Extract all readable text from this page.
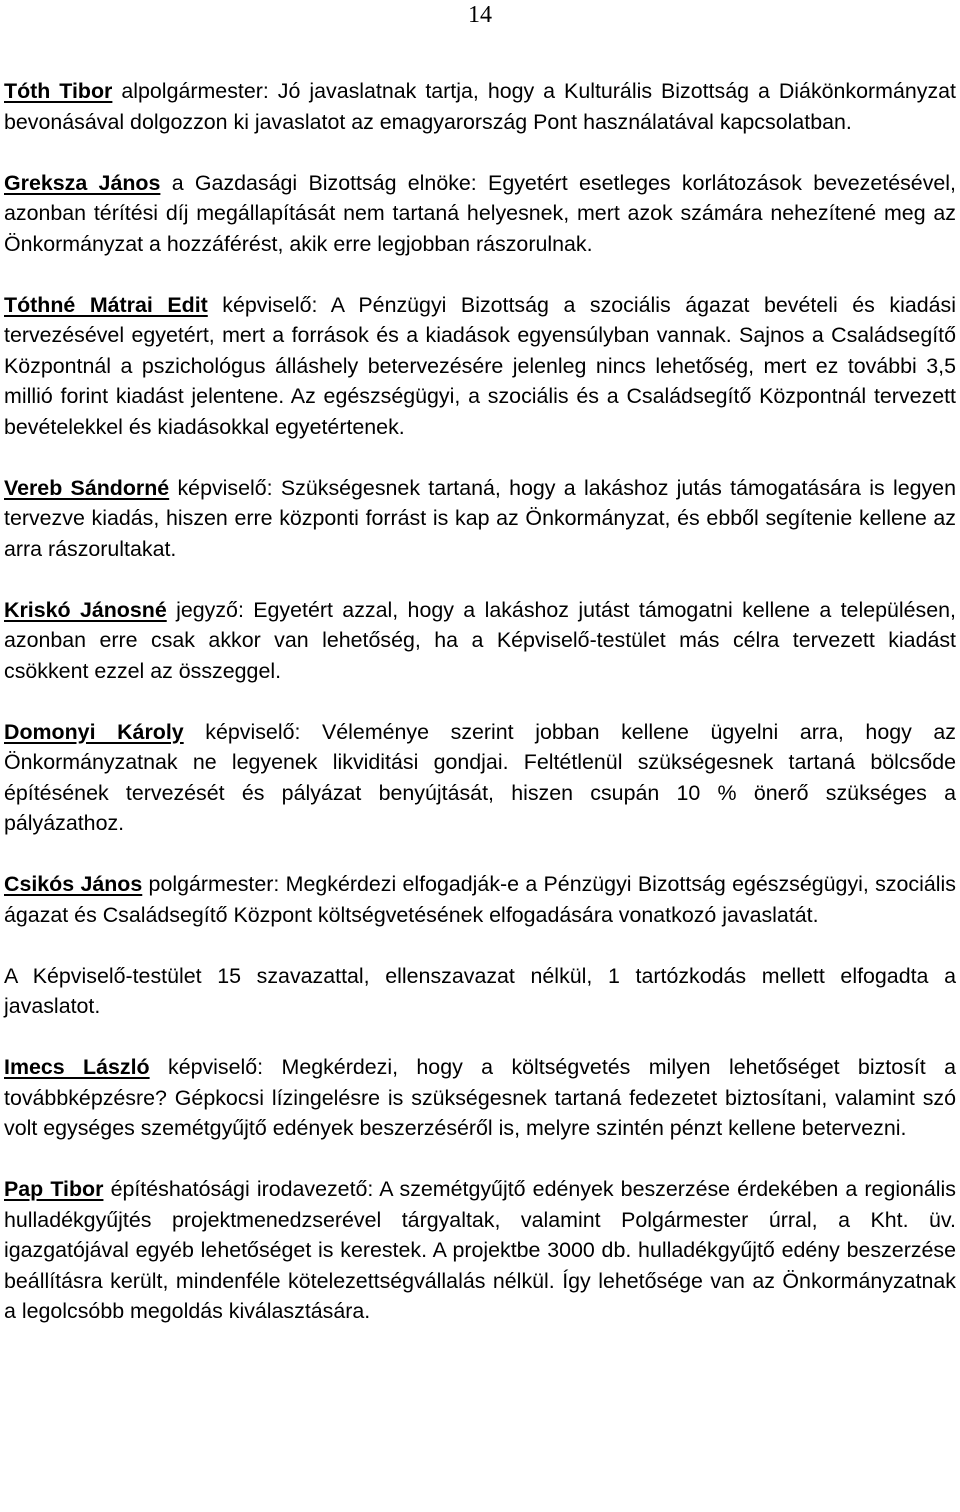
14

Tóth Tibor alpolgármester: Jó javaslatnak tartja, hogy a Kulturális Bizottság a Diákönkormányzat bevonásával dolgozzon ki javaslatot az emagyarország Pont használatával kapcsolatban.

Greksza János a Gazdasági Bizottság elnöke: Egyetért esetleges korlátozások bevezetésével, azonban térítési díj megállapítását nem tartaná helyesnek, mert azok számára nehezítené meg az Önkormányzat a hozzáférést, akik erre legjobban rászorulnak.

Tóthné Mátrai Edit képviselő: A Pénzügyi Bizottság a szociális ágazat bevételi és kiadási tervezésével egyetért, mert a források és a kiadások egyensúlyban vannak. Sajnos a Családsegítő Központnál a pszichológus álláshely betervezésére jelenleg nincs lehetőség, mert ez további 3,5 millió forint kiadást jelentene. Az egészségügyi, a szociális és a Családsegítő Központnál tervezett bevételekkel és kiadásokkal egyetértenek.

Vereb Sándorné képviselő: Szükségesnek tartaná, hogy a lakáshoz jutás támogatására is legyen tervezve kiadás, hiszen erre központi forrást is kap az Önkormányzat, és ebből segítenie kellene az arra rászorultakat.

Kriskó Jánosné jegyző: Egyetért azzal, hogy a lakáshoz jutást támogatni kellene a településen, azonban erre csak akkor van lehetőség, ha a Képviselő-testület más célra tervezett kiadást csökkent ezzel az összeggel.

Domonyi Károly képviselő: Véleménye szerint jobban kellene ügyelni arra, hogy az Önkormányzatnak ne legyenek likviditási gondjai. Feltétlenül szükségesnek tartaná bölcsőde építésének tervezését és pályázat benyújtását, hiszen csupán 10 % önerő szükséges a pályázathoz.

Csikós János polgármester: Megkérdezi elfogadják-e a Pénzügyi Bizottság egészségügyi, szociális ágazat és Családsegítő Központ költségvetésének elfogadására vonatkozó javaslatát.

A Képviselő-testület 15 szavazattal, ellenszavazat nélkül, 1 tartózkodás mellett elfogadta a javaslatot.

Imecs László képviselő: Megkérdezi, hogy a költségvetés milyen lehetőséget biztosít a továbbképzésre? Gépkocsi lízingelésre is szükségesnek tartaná fedezetet biztosítani, valamint szó volt egységes szemétgyűjtő edények beszerzéséről is, melyre szintén pénzt kellene betervezni.

Pap Tibor építéshatósági irodavezető: A szemétgyűjtő edények beszerzése érdekében a regionális hulladékgyűjtés projektmenedzserével tárgyaltak, valamint Polgármester úrral, a Kht. üv. igazgatójával egyéb lehetőséget is kerestek. A projektbe 3000 db. hulladékgyűjtő edény beszerzése beállításra került, mindenféle kötelezettségvállalás nélkül. Így lehetősége van az Önkormányzatnak a legolcsóbb megoldás kiválasztására.
